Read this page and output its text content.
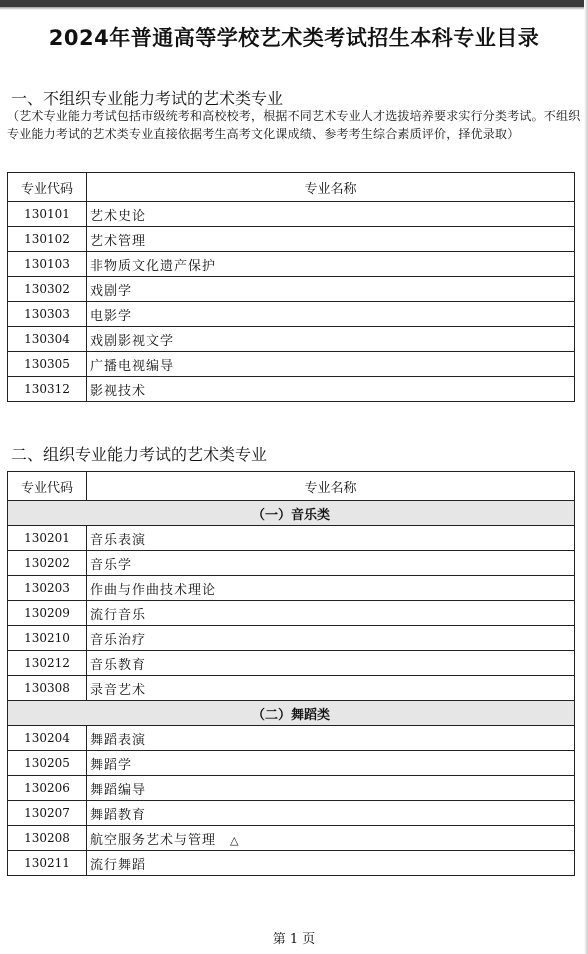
2024年普通高等学校艺术类考试招生本科专业目录
一、不组织专业能力考试的艺术类专业
（艺术专业能力考试包括市级统考和高校校考，根据不同艺术专业人才选拔培养要求实行分类考试。不组织专业能力考试的艺术类专业直接依据考生高考文化课成绩、参考考生综合素质评价，择优录取）
专业代码	专业名称
130101	艺术史论
130102	艺术管理
130103	非物质文化遗产保护
130302	戏剧学
130303	电影学
130304	戏剧影视文学
130305	广播电视编导
130312	影视技术
二、组织专业能力考试的艺术类专业
专业代码	专业名称
（一）音乐类	
130201	音乐表演
130202	音乐学
130203	作曲与作曲技术理论
130209	流行音乐
130210	音乐治疗
130212	音乐教育
130308	录音艺术
（二）舞蹈类	
130204	舞蹈表演
130205	舞蹈学
130206	舞蹈编导
130207	舞蹈教育
130208	航空服务艺术与管理 △
130211	流行舞蹈
第 1 页
